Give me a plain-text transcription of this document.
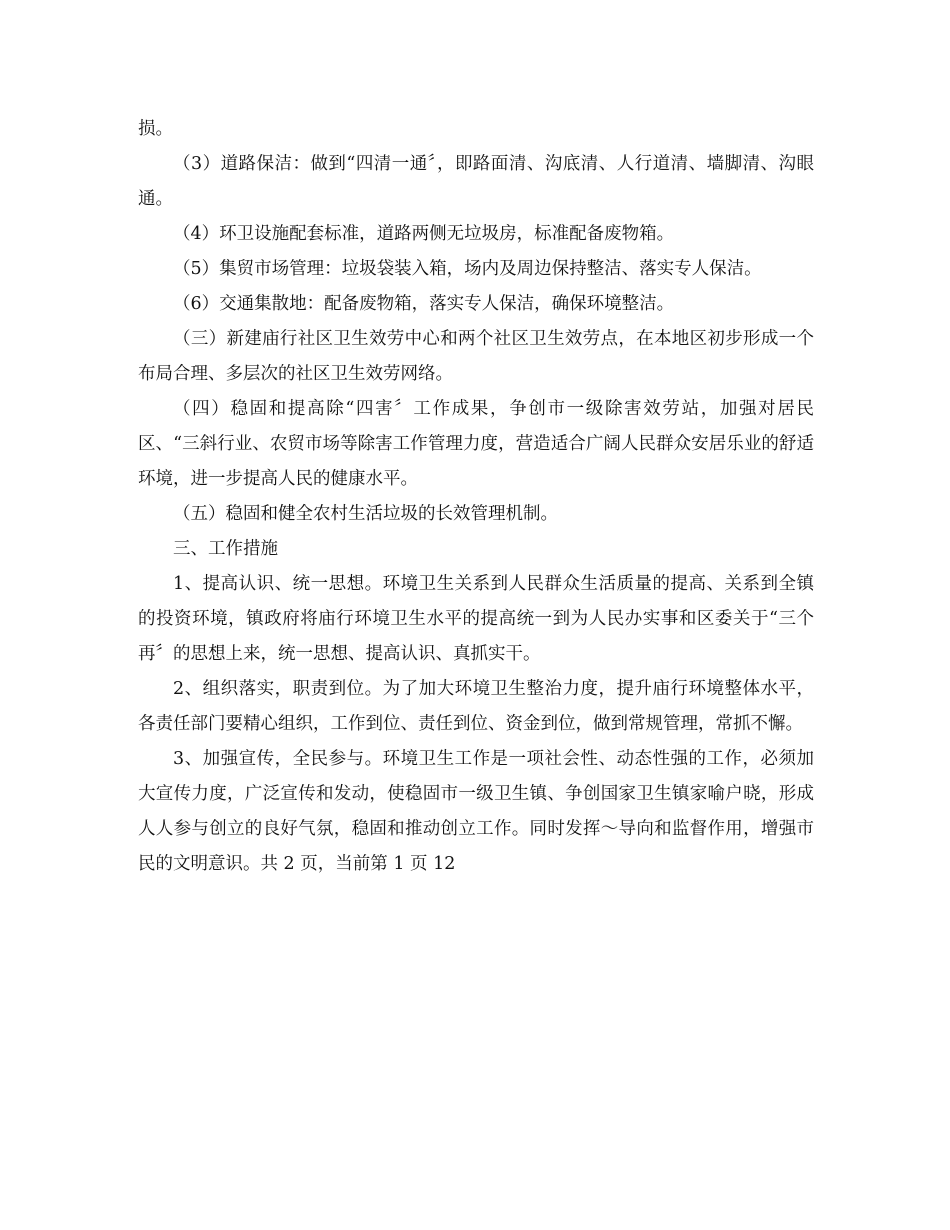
损。

（3）道路保洁：做到“四清一通〞，即路面清、沟底清、人行道清、墙脚清、沟眼通。

（4）环卫设施配套标准，道路两侧无垃圾房，标准配备废物箱。

（5）集贸市场管理：垃圾袋装入箱，场内及周边保持整洁、落实专人保洁。

（6）交通集散地：配备废物箱，落实专人保洁，确保环境整洁。

（三）新建庙行社区卫生效劳中心和两个社区卫生效劳点，在本地区初步形成一个布局合理、多层次的社区卫生效劳网络。

（四）稳固和提高除“四害〞工作成果，争创市一级除害效劳站，加强对居民区、“三斜行业、农贸市场等除害工作管理力度，营造适合广阔人民群众安居乐业的舒适环境，进一步提高人民的健康水平。

（五）稳固和健全农村生活垃圾的长效管理机制。

三、工作措施

1、提高认识、统一思想。环境卫生关系到人民群众生活质量的提高、关系到全镇的投资环境，镇政府将庙行环境卫生水平的提高统一到为人民办实事和区委关于“三个再〞的思想上来，统一思想、提高认识、真抓实干。

2、组织落实，职责到位。为了加大环境卫生整治力度，提升庙行环境整体水平，各责任部门要精心组织，工作到位、责任到位、资金到位，做到常规管理，常抓不懈。

3、加强宣传，全民参与。环境卫生工作是一项社会性、动态性强的工作，必须加大宣传力度，广泛宣传和发动，使稳固市一级卫生镇、争创国家卫生镇家喻户晓，形成人人参与创立的良好气氛，稳固和推动创立工作。同时发挥～导向和监督作用，增强市民的文明意识。共 2 页，当前第 1 页 12
